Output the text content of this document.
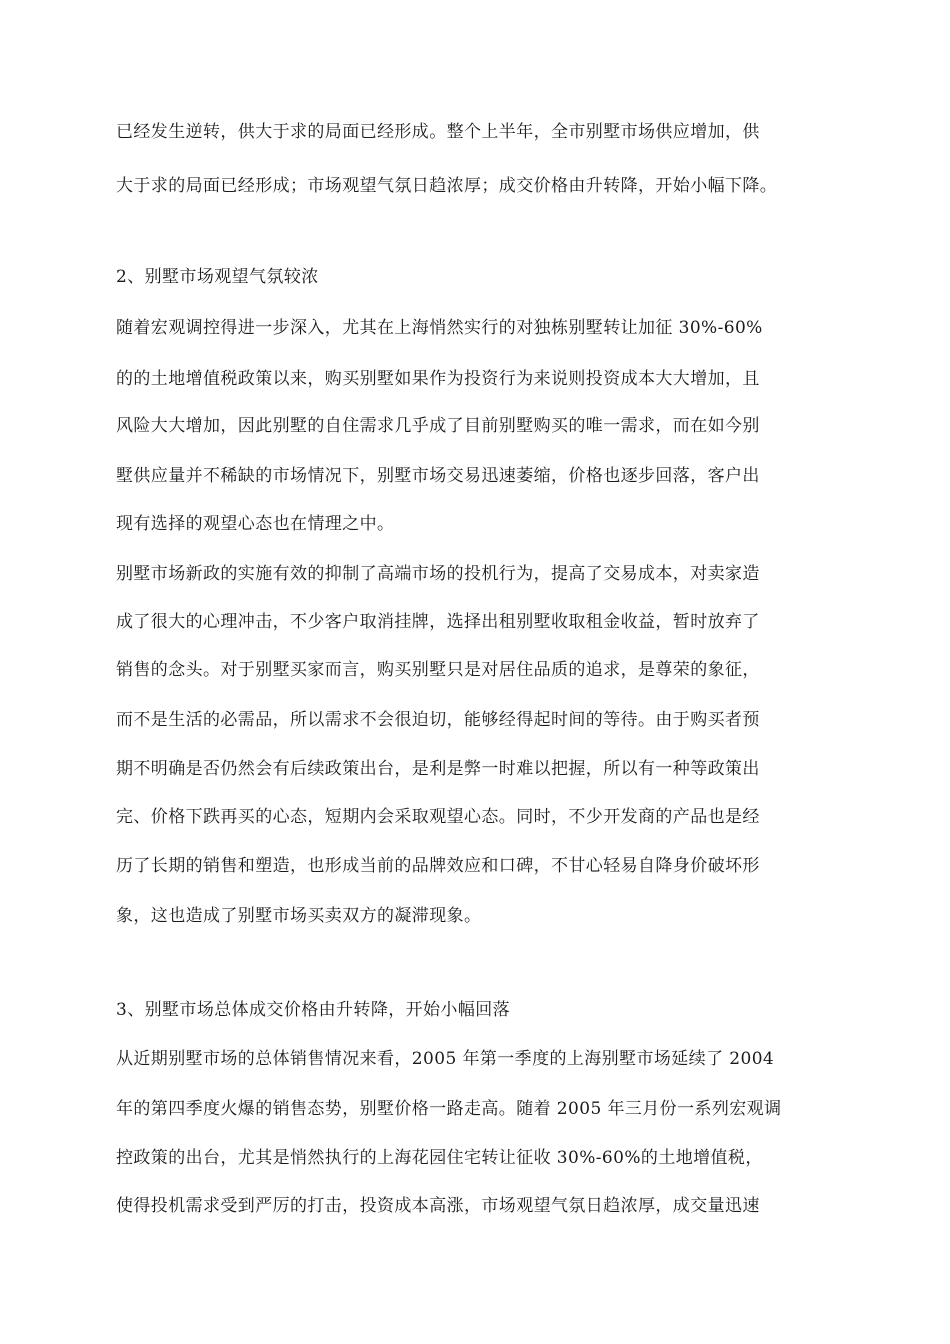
已经发生逆转，供大于求的局面已经形成。整个上半年，全市别墅市场供应增加，供
大于求的局面已经形成；市场观望气氛日趋浓厚；成交价格由升转降，开始小幅下降。
2、别墅市场观望气氛较浓
随着宏观调控得进一步深入，尤其在上海悄然实行的对独栋别墅转让加征 30%-60%
的的土地增值税政策以来，购买别墅如果作为投资行为来说则投资成本大大增加，且
风险大大增加，因此别墅的自住需求几乎成了目前别墅购买的唯一需求，而在如今别
墅供应量并不稀缺的市场情况下，别墅市场交易迅速萎缩，价格也逐步回落，客户出
现有选择的观望心态也在情理之中。
别墅市场新政的实施有效的抑制了高端市场的投机行为，提高了交易成本，对卖家造
成了很大的心理冲击，不少客户取消挂牌，选择出租别墅收取租金收益，暂时放弃了
销售的念头。对于别墅买家而言，购买别墅只是对居住品质的追求，是尊荣的象征，
而不是生活的必需品，所以需求不会很迫切，能够经得起时间的等待。由于购买者预
期不明确是否仍然会有后续政策出台，是利是弊一时难以把握，所以有一种等政策出
完、价格下跌再买的心态，短期内会采取观望心态。同时，不少开发商的产品也是经
历了长期的销售和塑造，也形成当前的品牌效应和口碑，不甘心轻易自降身价破坏形
象，这也造成了别墅市场买卖双方的凝滞现象。
3、别墅市场总体成交价格由升转降，开始小幅回落
从近期别墅市场的总体销售情况来看，2005 年第一季度的上海别墅市场延续了 2004
年的第四季度火爆的销售态势，别墅价格一路走高。随着 2005 年三月份一系列宏观调
控政策的出台，尤其是悄然执行的上海花园住宅转让征收 30%-60%的土地增值税，
使得投机需求受到严厉的打击，投资成本高涨，市场观望气氛日趋浓厚，成交量迅速
